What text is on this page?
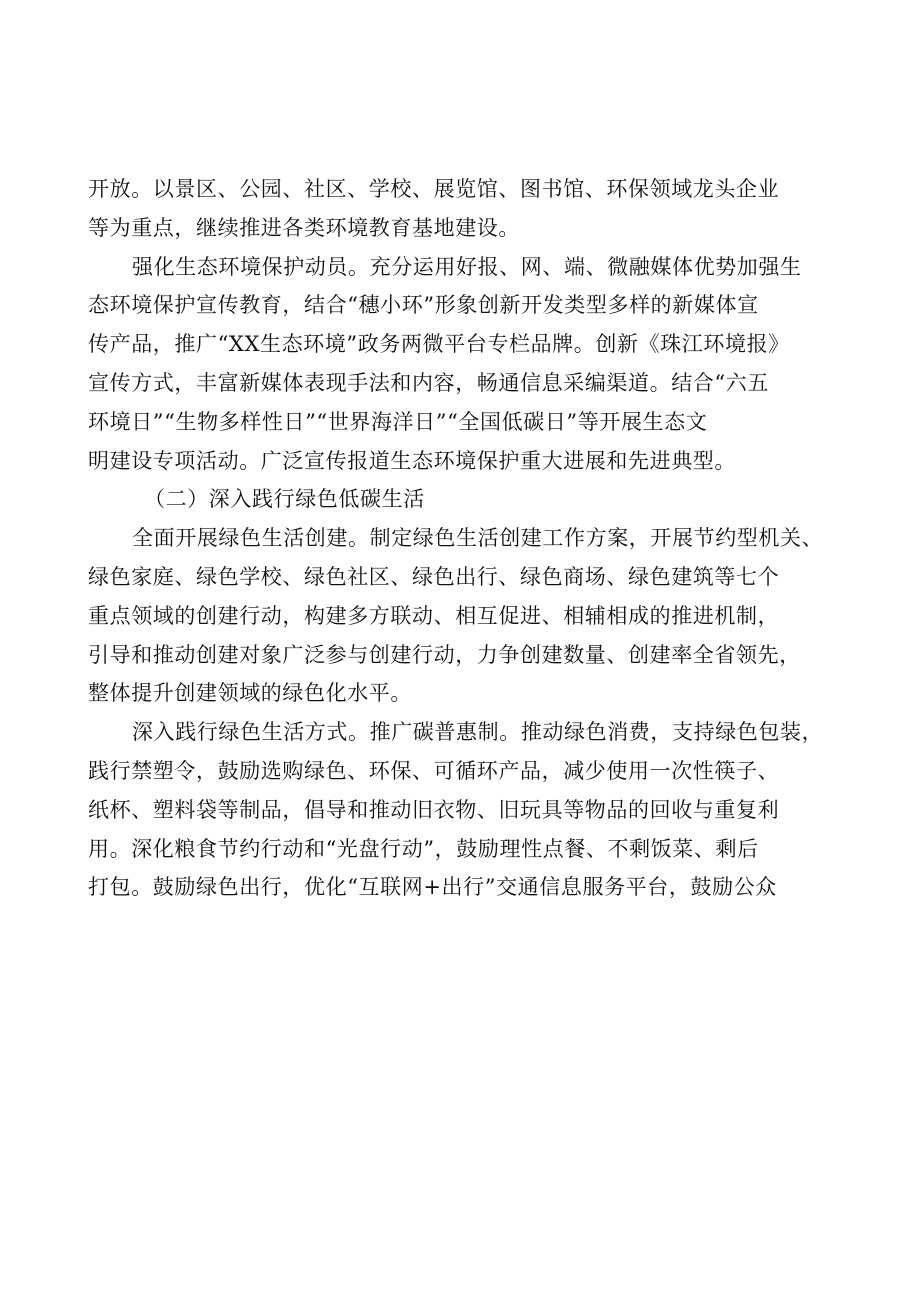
开放。以景区、公园、社区、学校、展览馆、图书馆、环保领域龙头企业
等为重点，继续推进各类环境教育基地建设。
强化生态环境保护动员。充分运用好报、网、端、微融媒体优势加强生
态环境保护宣传教育，结合“穗小环”形象创新开发类型多样的新媒体宣
传产品，推广“XX生态环境”政务两微平台专栏品牌。创新《珠江环境报》
宣传方式，丰富新媒体表现手法和内容，畅通信息采编渠道。结合“六五
环境日”“生物多样性日”“世界海洋日”“全国低碳日”等开展生态文
明建设专项活动。广泛宣传报道生态环境保护重大进展和先进典型。
（二）深入践行绿色低碳生活
全面开展绿色生活创建。制定绿色生活创建工作方案，开展节约型机关、
绿色家庭、绿色学校、绿色社区、绿色出行、绿色商场、绿色建筑等七个
重点领域的创建行动，构建多方联动、相互促进、相辅相成的推进机制，
引导和推动创建对象广泛参与创建行动，力争创建数量、创建率全省领先，
整体提升创建领域的绿色化水平。
深入践行绿色生活方式。推广碳普惠制。推动绿色消费，支持绿色包装，
践行禁塑令，鼓励选购绿色、环保、可循环产品，减少使用一次性筷子、
纸杯、塑料袋等制品，倡导和推动旧衣物、旧玩具等物品的回收与重复利
用。深化粮食节约行动和“光盘行动”，鼓励理性点餐、不剩饭菜、剩后
打包。鼓励绿色出行，优化“互联网+出行”交通信息服务平台，鼓励公众
